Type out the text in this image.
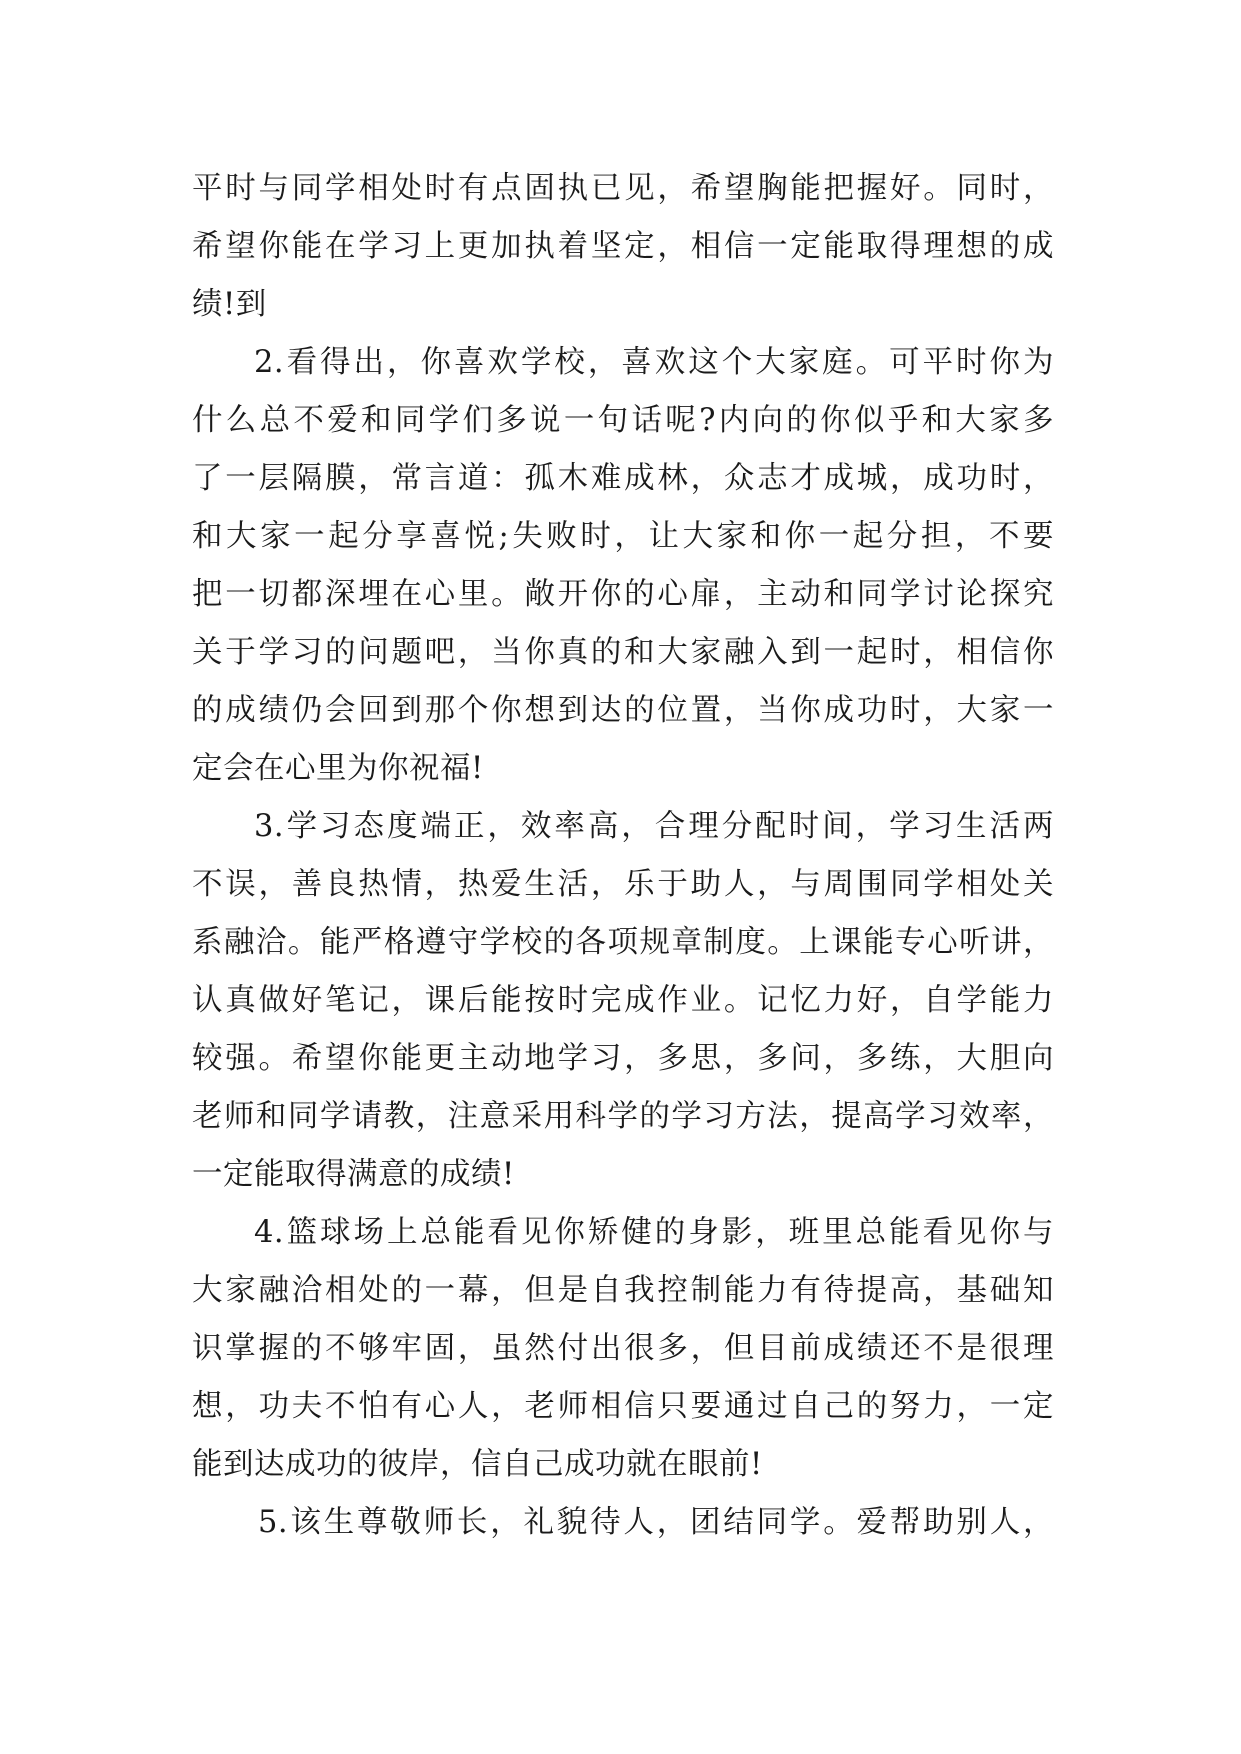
平时与同学相处时有点固执已见，希望胸能把握好。同时，
希望你能在学习上更加执着坚定，相信一定能取得理想的成
绩!到
2.看得出，你喜欢学校，喜欢这个大家庭。可平时你为
什么总不爱和同学们多说一句话呢?内向的你似乎和大家多
了一层隔膜，常言道：孤木难成林，众志才成城，成功时，
和大家一起分享喜悦;失败时，让大家和你一起分担，不要
把一切都深埋在心里。敞开你的心扉，主动和同学讨论探究
关于学习的问题吧，当你真的和大家融入到一起时，相信你
的成绩仍会回到那个你想到达的位置，当你成功时，大家一
定会在心里为你祝福!
3.学习态度端正，效率高，合理分配时间，学习生活两
不误，善良热情，热爱生活，乐于助人，与周围同学相处关
系融洽。能严格遵守学校的各项规章制度。上课能专心听讲，
认真做好笔记，课后能按时完成作业。记忆力好，自学能力
较强。希望你能更主动地学习，多思，多问，多练，大胆向
老师和同学请教，注意采用科学的学习方法，提高学习效率，
一定能取得满意的成绩!
4.篮球场上总能看见你矫健的身影，班里总能看见你与
大家融洽相处的一幕，但是自我控制能力有待提高，基础知
识掌握的不够牢固，虽然付出很多，但目前成绩还不是很理
想，功夫不怕有心人，老师相信只要通过自己的努力，一定
能到达成功的彼岸，信自己成功就在眼前!
5.该生尊敬师长，礼貌待人，团结同学。爱帮助别人，
